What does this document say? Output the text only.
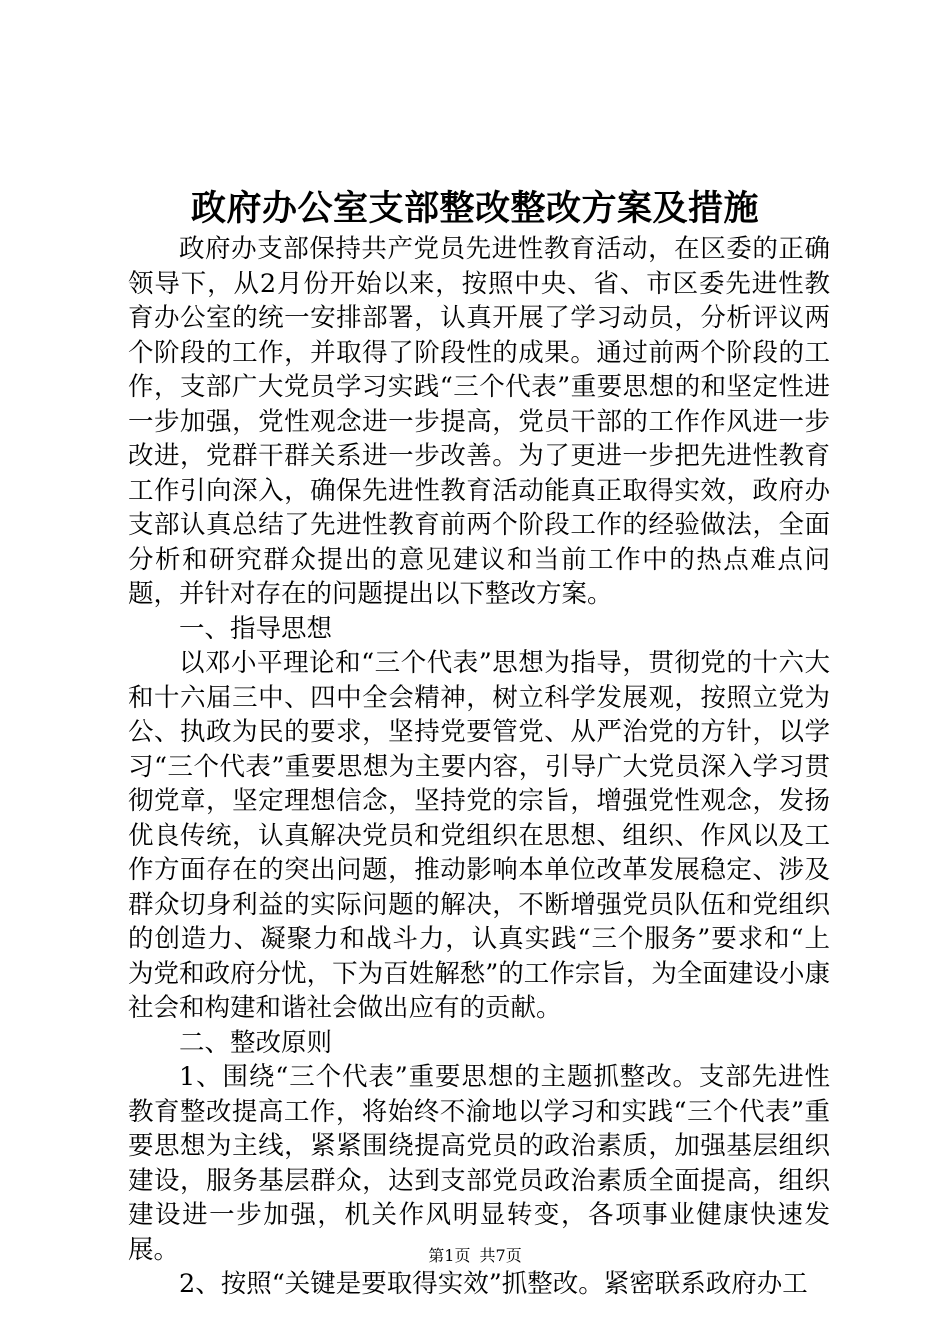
政府办公室支部整改整改方案及措施

政府办支部保持共产党员先进性教育活动，在区委的正确领导下，从2月份开始以来，按照中央、省、市区委先进性教育办公室的统一安排部署，认真开展了学习动员，分析评议两个阶段的工作，并取得了阶段性的成果。通过前两个阶段的工作，支部广大党员学习实践“三个代表”重要思想的和坚定性进一步加强，党性观念进一步提高，党员干部的工作作风进一步改进，党群干群关系进一步改善。为了更进一步把先进性教育工作引向深入，确保先进性教育活动能真正取得实效，政府办支部认真总结了先进性教育前两个阶段工作的经验做法，全面分析和研究群众提出的意见建议和当前工作中的热点难点问题，并针对存在的问题提出以下整改方案。

一、指导思想

以邓小平理论和“三个代表”思想为指导，贯彻党的十六大和十六届三中、四中全会精神，树立科学发展观，按照立党为公、执政为民的要求，坚持党要管党、从严治党的方针，以学习“三个代表”重要思想为主要内容，引导广大党员深入学习贯彻党章，坚定理想信念，坚持党的宗旨，增强党性观念，发扬优良传统，认真解决党员和党组织在思想、组织、作风以及工作方面存在的突出问题，推动影响本单位改革发展稳定、涉及群众切身利益的实际问题的解决，不断增强党员队伍和党组织的创造力、凝聚力和战斗力，认真实践“三个服务”要求和“上为党和政府分忧，下为百姓解愁”的工作宗旨，为全面建设小康社会和构建和谐社会做出应有的贡献。

二、整改原则

1、围绕“三个代表”重要思想的主题抓整改。支部先进性教育整改提高工作，将始终不渝地以学习和实践“三个代表”重要思想为主线，紧紧围绕提高党员的政治素质，加强基层组织建设，服务基层群众，达到支部党员政治素质全面提高，组织建设进一步加强，机关作风明显转变，各项事业健康快速发展。

2、按照“关键是要取得实效”抓整改。紧密联系政府办工

第1页 共7页
